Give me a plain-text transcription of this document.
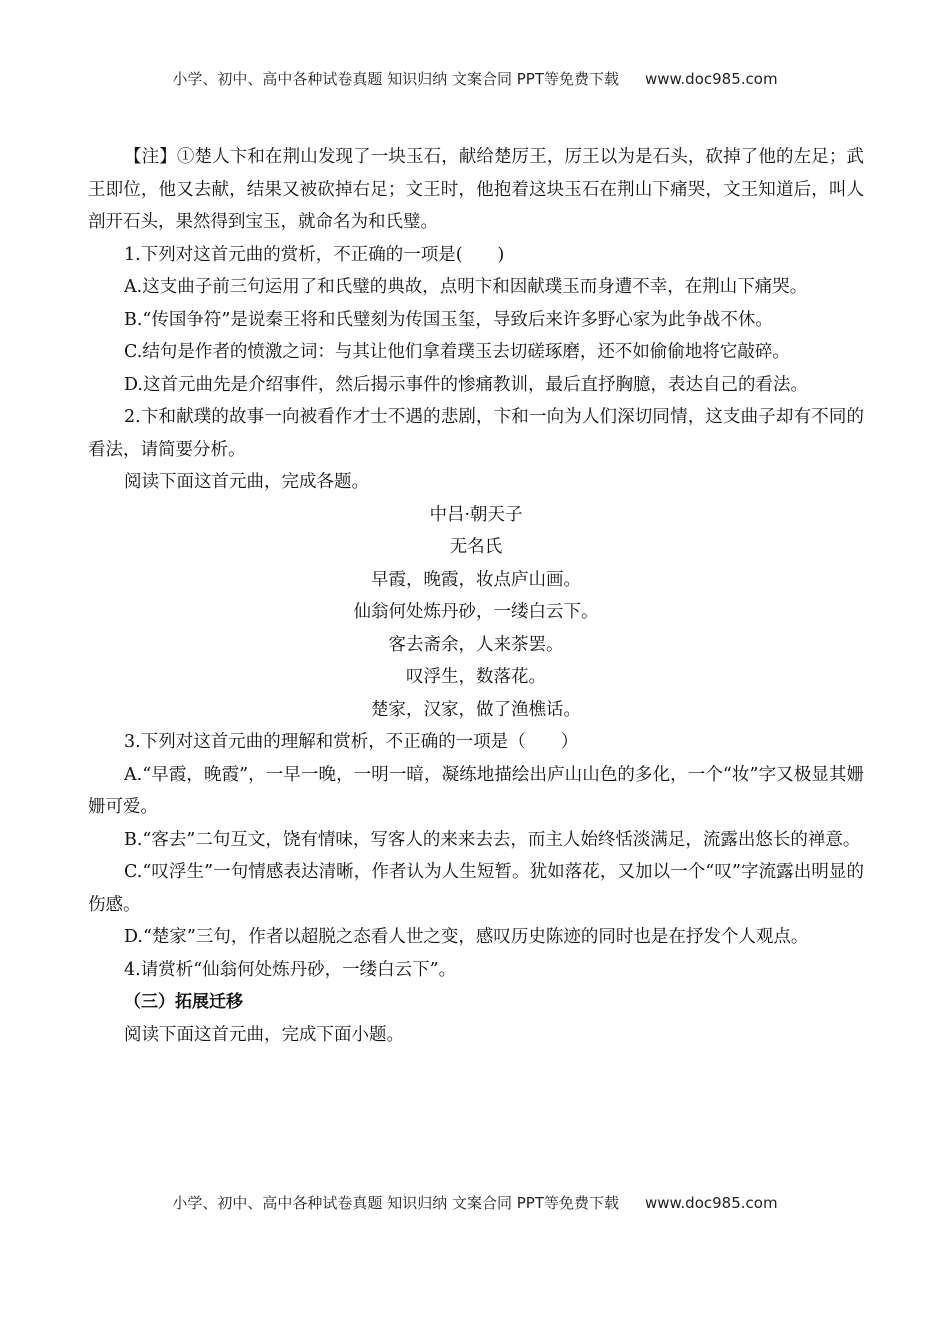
小学、初中、高中各种试卷真题 知识归纳 文案合同 PPT等免费下载 www.doc985.com

【注】①楚人卞和在荆山发现了一块玉石，献给楚厉王，厉王以为是石头，砍掉了他的左足；武王即位，他又去献，结果又被砍掉右足；文王时，他抱着这块玉石在荆山下痛哭，文王知道后，叫人剖开石头，果然得到宝玉，就命名为和氏璧。

1.下列对这首元曲的赏析，不正确的一项是(　　)

A.这支曲子前三句运用了和氏璧的典故，点明卞和因献璞玉而身遭不幸，在荆山下痛哭。

B.“传国争符”是说秦王将和氏璧刻为传国玉玺，导致后来许多野心家为此争战不休。

C.结句是作者的愤激之词：与其让他们拿着璞玉去切磋琢磨，还不如偷偷地将它敲碎。

D.这首元曲先是介绍事件，然后揭示事件的惨痛教训，最后直抒胸臆，表达自己的看法。

2.卞和献璞的故事一向被看作才士不遇的悲剧，卞和一向为人们深切同情，这支曲子却有不同的看法，请简要分析。

阅读下面这首元曲，完成各题。

中吕·朝天子
无名氏
早霞，晚霞，妆点庐山画。
仙翁何处炼丹砂，一缕白云下。
客去斋余，人来茶罢。
叹浮生，数落花。
楚家，汉家，做了渔樵话。

3.下列对这首元曲的理解和赏析，不正确的一项是（　　）

A.“早霞，晚霞”，一早一晚，一明一暗，凝练地描绘出庐山山色的多化，一个“妆”字又极显其姗姗可爱。

B.“客去”二句互文，饶有情味，写客人的来来去去，而主人始终恬淡满足，流露出悠长的禅意。

C.“叹浮生”一句情感表达清晰，作者认为人生短暂。犹如落花，又加以一个“叹”字流露出明显的伤感。

D.“楚家”三句，作者以超脱之态看人世之变，感叹历史陈迹的同时也是在抒发个人观点。

4.请赏析“仙翁何处炼丹砂，一缕白云下”。

（三）拓展迁移

阅读下面这首元曲，完成下面小题。

小学、初中、高中各种试卷真题 知识归纳 文案合同 PPT等免费下载 www.doc985.com
